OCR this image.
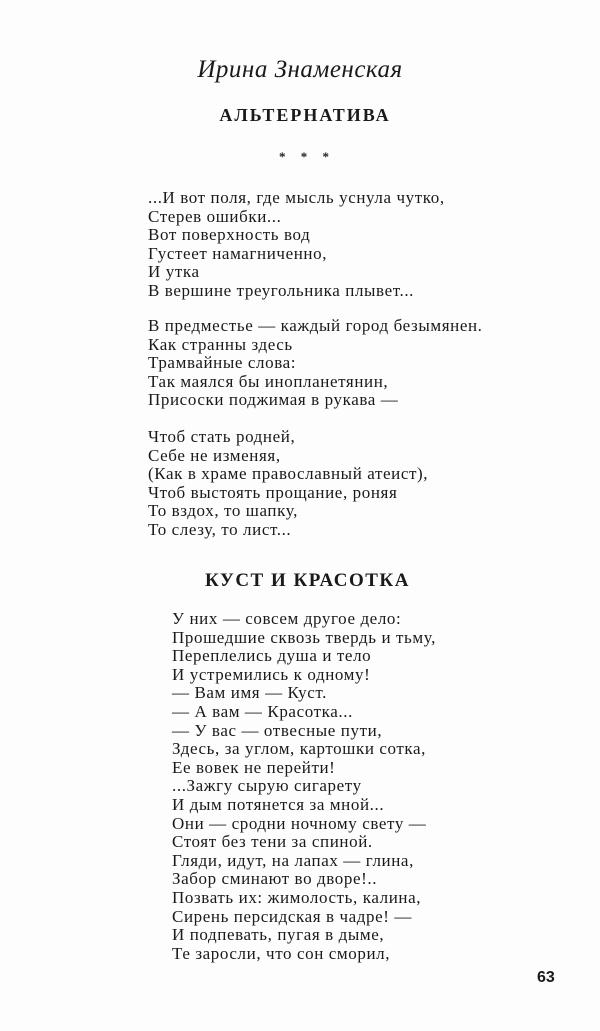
Ирина Знаменская
АЛЬТЕРНАТИВА
* * *
...И вот поля, где мысль уснула чутко,
Стерев ошибки...
Вот поверхность вод
Густеет намагниченно,
И утка
В вершине треугольника плывет...
В предместье — каждый город безымянен.
Как странны здесь
Трамвайные слова:
Так маялся бы инопланетянин,
Присоски поджимая в рукава —
Чтоб стать родней,
Себе не изменяя,
(Как в храме православный атеист),
Чтоб выстоять прощание, роняя
То вздох, то шапку,
То слезу, то лист...
КУСТ И КРАСОТКА
У них — совсем другое дело:
Прошедшие сквозь твердь и тьму,
Переплелись душа и тело
И устремились к одному!
— Вам имя — Куст.
— А вам — Красотка...
— У вас — отвесные пути,
Здесь, за углом, картошки сотка,
Ее вовек не перейти!
...Зажгу сырую сигарету
И дым потянется за мной...
Они — сродни ночному свету —
Стоят без тени за спиной.
Гляди, идут, на лапах — глина,
Забор сминают во дворе!..
Позвать их: жимолость, калина,
Сирень персидская в чадре! —
И подпевать, пугая в дыме,
Те заросли, что сон сморил,
63
